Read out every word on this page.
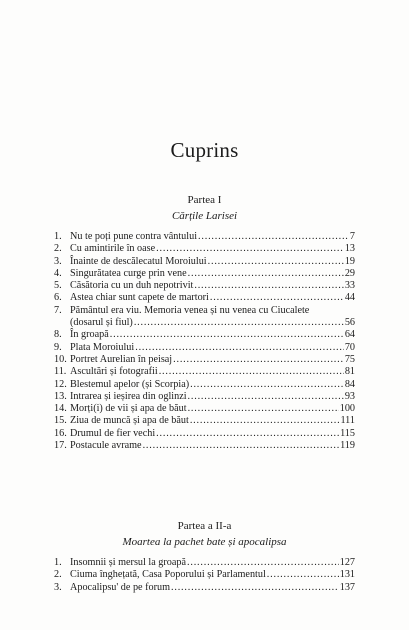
Cuprins
Partea I
Cărțile Larisei
1. Nu te poți pune contra vântului .....	7
2. Cu amintirile în oase .....	13
3. Înainte de descălecatul Moroiului .....	19
4. Singurătatea curge prin vene .....	29
5. Căsătoria cu un duh nepotrivit .....	33
6. Astea chiar sunt capete de martori .....	44
7. Pământul era viu. Memoria venea și nu venea cu Ciucalete
(dosarul și fiul) .....	56
8. În groapă .....	64
9. Plata Moroiului .....	70
10. Portret Aurelian în peisaj .....	75
11. Ascultări și fotografii .....	81
12. Blestemul apelor (și Scorpia) .....	84
13. Intrarea și ieșirea din oglinzi .....	93
14. Morți(i) de vii și apa de băut .....	100
15. Ziua de muncă și apa de băut .....	111
16. Drumul de fier vechi .....	115
17. Postacule avrame .....	119
Partea a II-a
Moartea la pachet bate și apocalipsa
1. Insomnii și mersul la groapă .....	127
2. Ciuma înghețată, Casa Poporului și Parlamentul .....	131
3. Apocalipsu' de pe forum .....	137
